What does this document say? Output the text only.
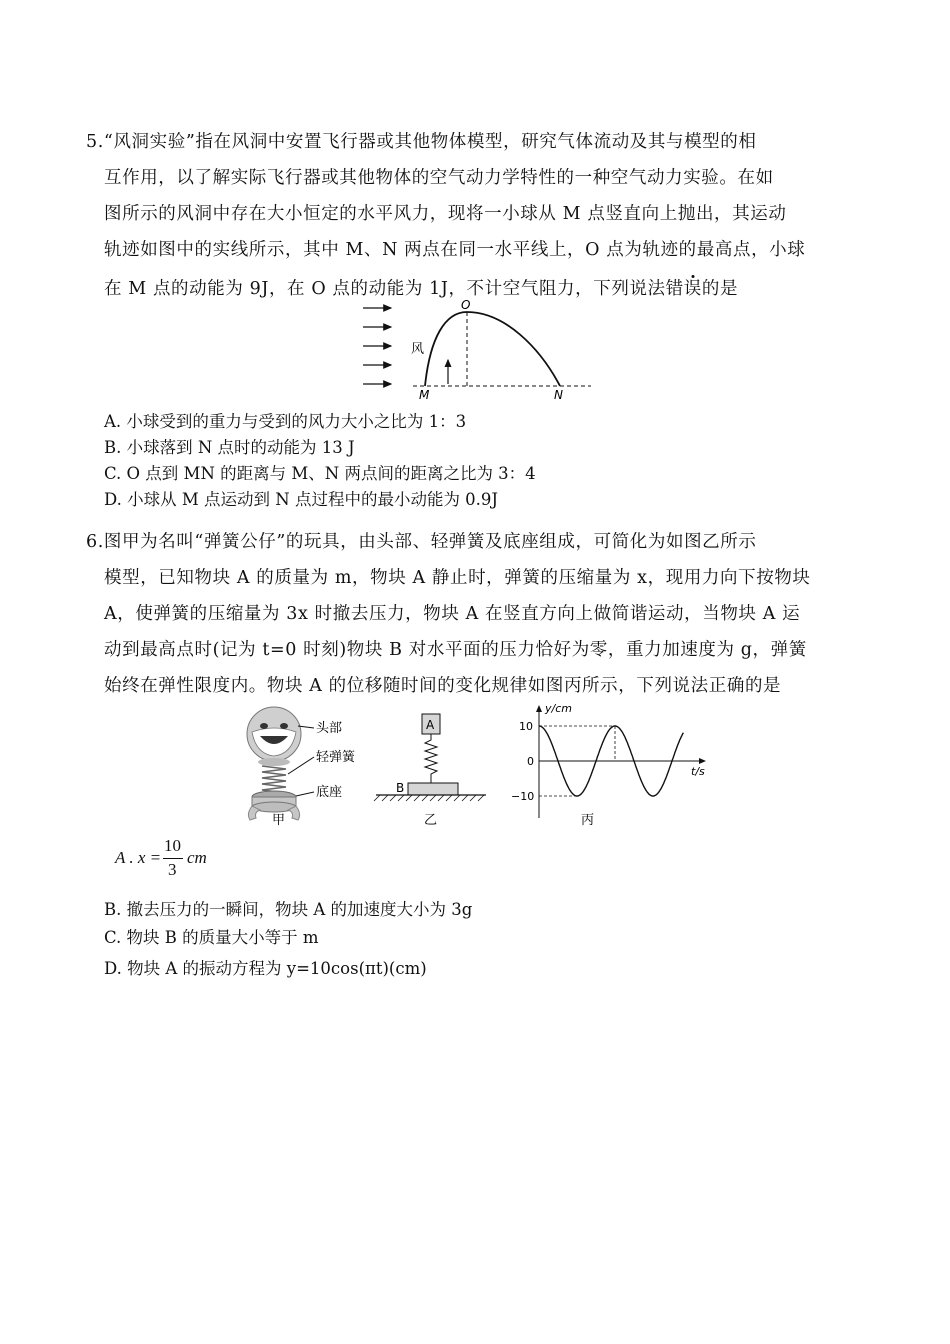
5.“风洞实验”指在风洞中安置飞行器或其他物体模型，研究气体流动及其与模型的相
互作用，以了解实际飞行器或其他物体的空气动力学特性的一种空气动力实验。在如
图所示的风洞中存在大小恒定的水平风力，现将一小球从 M 点竖直向上抛出，其运动
轨迹如图中的实线所示，其中 M、N 两点在同一水平线上，O 点为轨迹的最高点，小球
在 M 点的动能为 9J，在 O 点的动能为 1J，不计空气阻力，下列说法错误的是
风
O
M	N
A. 小球受到的重力与受到的风力大小之比为 1：3
B. 小球落到 N 点时的动能为 13 J
C. O 点到 MN 的距离与 M、N 两点间的距离之比为 3：4
D. 小球从 M 点运动到 N 点过程中的最小动能为 0.9J
6.图甲为名叫“弹簧公仔”的玩具，由头部、轻弹簧及底座组成，可简化为如图乙所示
模型，已知物块 A 的质量为 m，物块 A 静止时，弹簧的压缩量为 x，现用力向下按物块
A，使弹簧的压缩量为 3x 时撤去压力，物块 A 在竖直方向上做简谐运动，当物块 A 运
动到最高点时(记为 t=0 时刻)物块 B 对水平面的压力恰好为零，重力加速度为 g，弹簧
始终在弹性限度内。物块 A 的位移随时间的变化规律如图丙所示，下列说法正确的是
头部
轻弹簧
底座
甲
A
B
乙
y/cm
t/s
10
0
−10
丙
A . x =
10
3
cm
B. 撤去压力的一瞬间，物块 A 的加速度大小为 3g
C. 物块 B 的质量大小等于 m
D. 物块 A 的振动方程为 y=10cos(πt)(cm)
